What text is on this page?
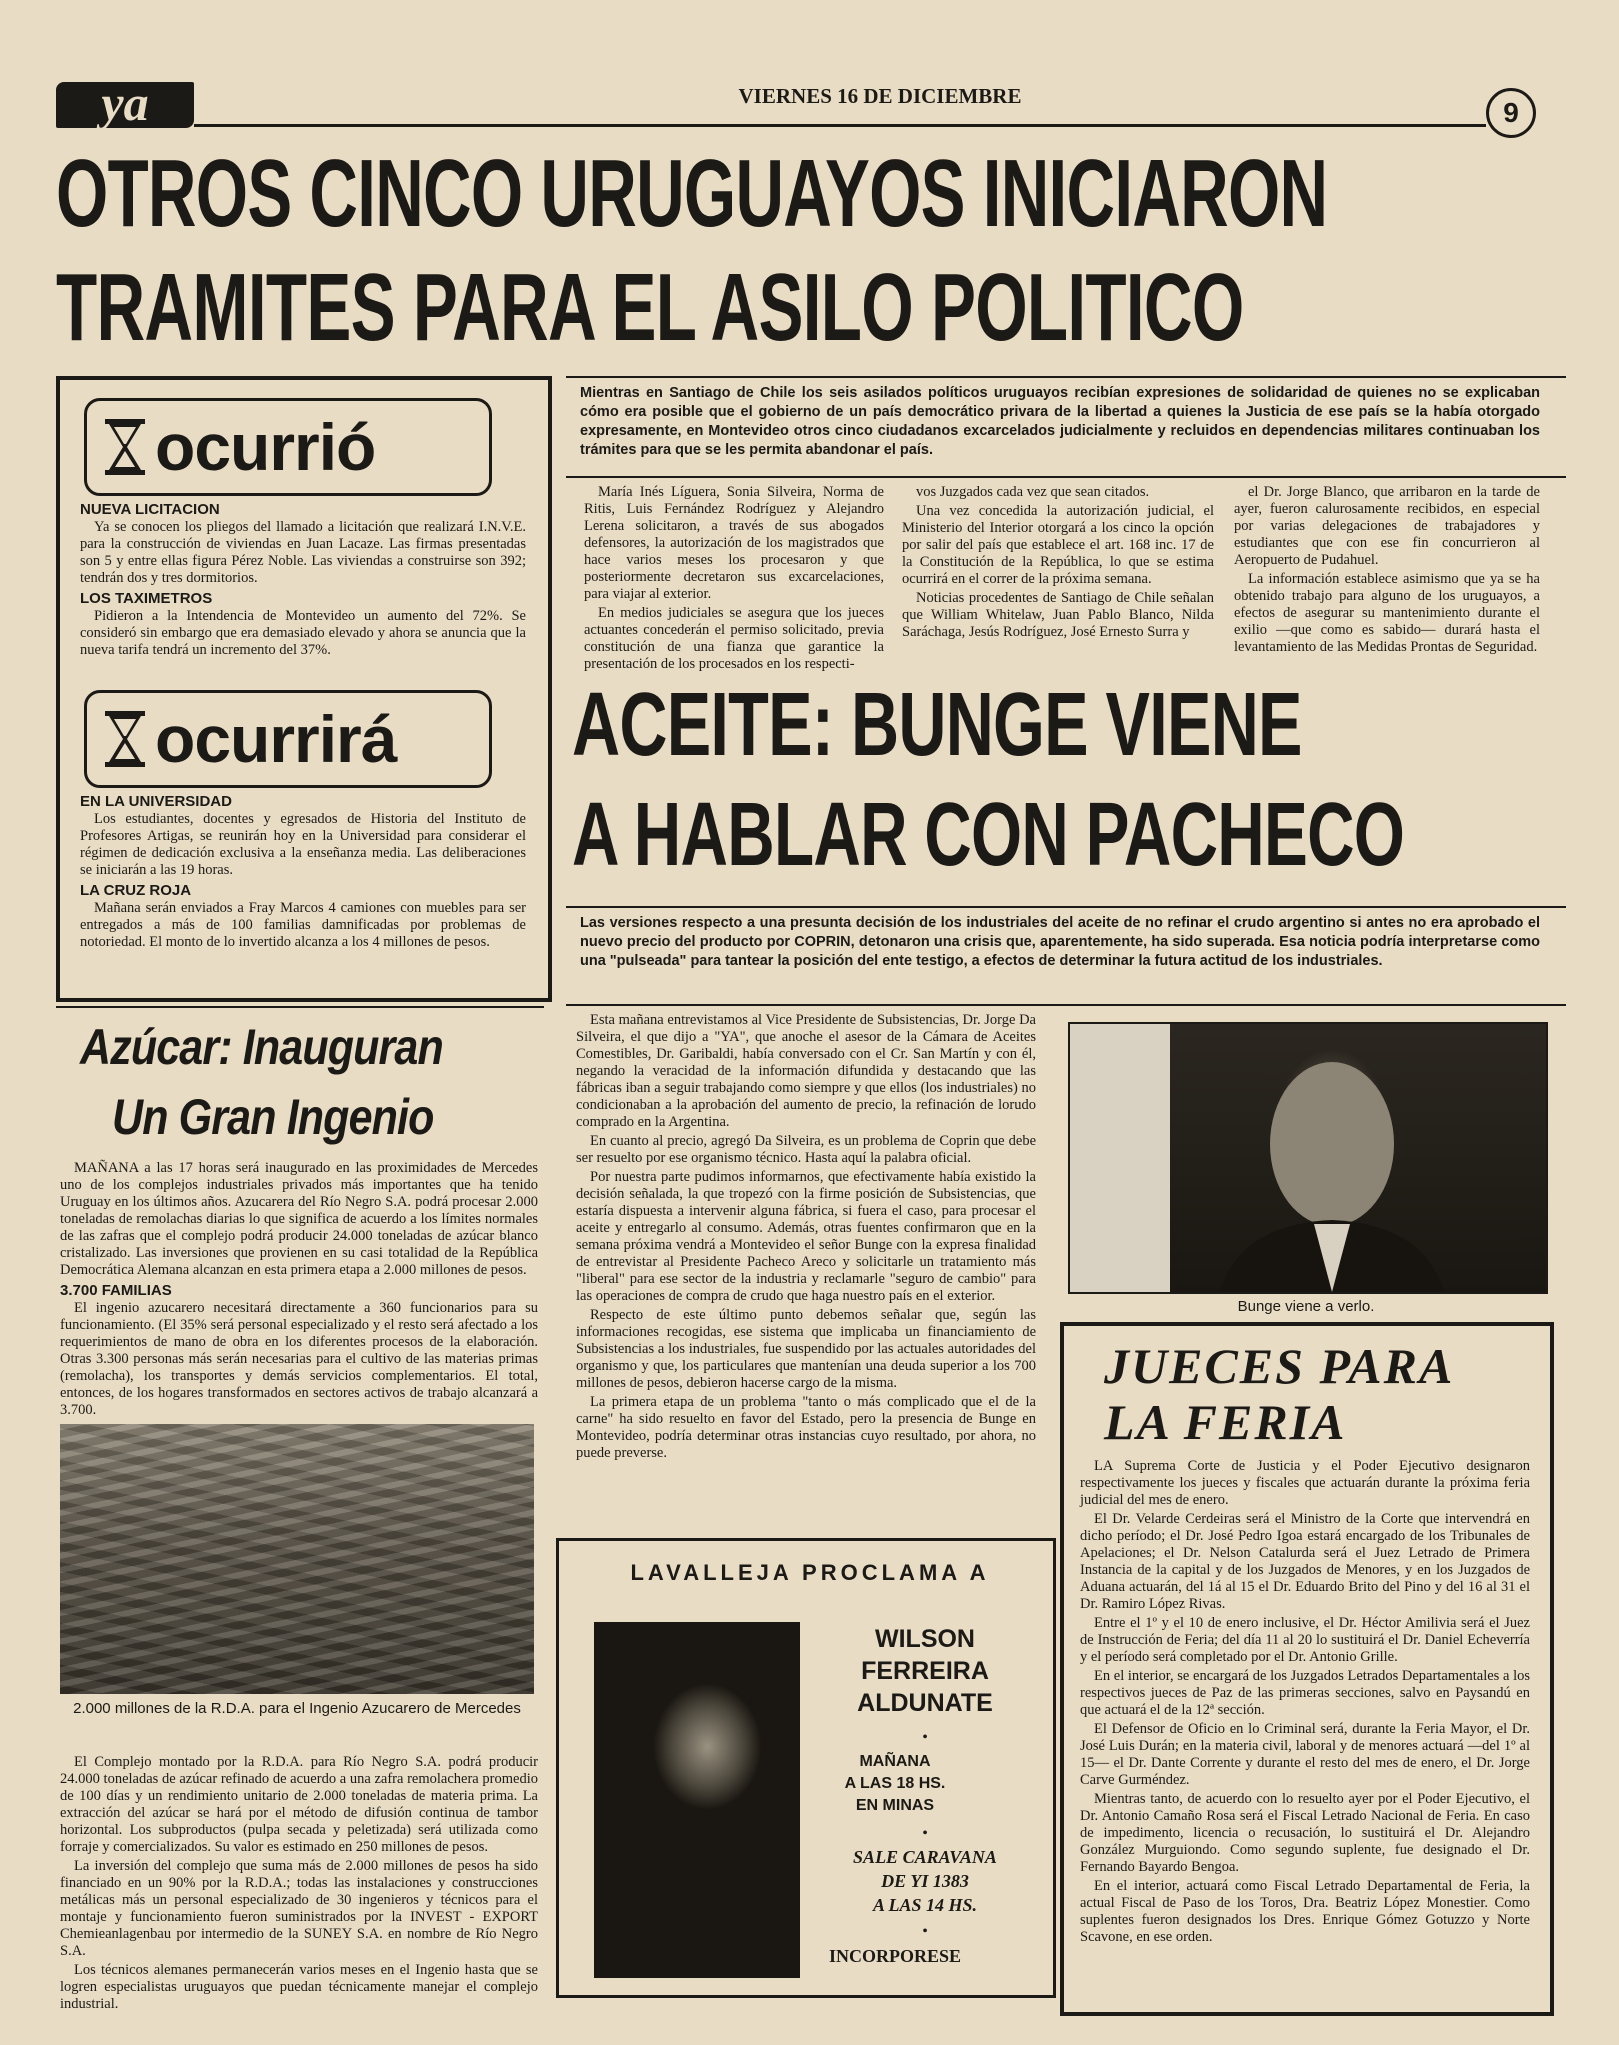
ya	VIERNES 16 DE DICIEMBRE
9
OTROS CINCO URUGUAYOS INICIARON
TRAMITES PARA EL ASILO POLITICO
ocurrió
NUEVA LICITACION

Ya se conocen los pliegos del llamado a licitación que realizará I.N.V.E. para la construcción de viviendas en Juan Lacaze. Las firmas presentadas son 5 y entre ellas figura Pérez Noble. Las viviendas a construirse son 392; tendrán dos y tres dormitorios.

LOS TAXIMETROS

Pidieron a la Intendencia de Montevideo un aumento del 72%. Se consideró sin embargo que era demasiado elevado y ahora se anuncia que la nueva tarifa tendrá un incremento del 37%.

ocurrirá
EN LA UNIVERSIDAD

Los estudiantes, docentes y egresados de Historia del Instituto de Profesores Artigas, se reunirán hoy en la Universidad para considerar el régimen de dedicación exclusiva a la enseñanza media. Las deliberaciones se iniciarán a las 19 horas.

LA CRUZ ROJA

Mañana serán enviados a Fray Marcos 4 camiones con muebles para ser entregados a más de 100 familias damnificadas por problemas de notoriedad. El monto de lo invertido alcanza a los 4 millones de pesos.

Mientras en Santiago de Chile los seis asilados políticos uruguayos recibían expresiones de solidaridad de quienes no se explicaban cómo era posible que el gobierno de un país democrático privara de la libertad a quienes la Justicia de ese país se la había otorgado expresamente, en Montevideo otros cinco ciudadanos excarcelados judicialmente y recluidos en dependencias militares continuaban los trámites para que se les permita abandonar el país.

María Inés Líguera, Sonia Silveira, Norma de Ritis, Luis Fernández Rodríguez y Alejandro Lerena solicitaron, a través de sus abogados defensores, la autorización de los magistrados que hace varios meses los procesaron y que posteriormente decretaron sus excarcelaciones, para viajar al exterior.

En medios judiciales se asegura que los jueces actuantes concederán el permiso solicitado, previa constitución de una fianza que garantice la presentación de los procesados en los respecti-

vos Juzgados cada vez que sean citados.

Una vez concedida la autorización judicial, el Ministerio del Interior otorgará a los cinco la opción por salir del país que establece el art. 168 inc. 17 de la Constitución de la República, lo que se estima ocurrirá en el correr de la próxima semana.

Noticias procedentes de Santiago de Chile señalan que William Whitelaw, Juan Pablo Blanco, Nilda Saráchaga, Jesús Rodríguez, José Ernesto Surra y

el Dr. Jorge Blanco, que arribaron en la tarde de ayer, fueron calurosamente recibidos, en especial por varias delegaciones de trabajadores y estudiantes que con ese fin concurrieron al Aeropuerto de Pudahuel.

La información establece asimismo que ya se ha obtenido trabajo para alguno de los uruguayos, a efectos de asegurar su mantenimiento durante el exilio —que como es sabido— durará hasta el levantamiento de las Medidas Prontas de Seguridad.

ACEITE: BUNGE VIENE
A HABLAR CON PACHECO
Las versiones respecto a una presunta decisión de los industriales del aceite de no refinar el crudo argentino si antes no era aprobado el nuevo precio del producto por COPRIN, detonaron una crisis que, aparentemente, ha sido superada. Esa noticia podría interpretarse como una "pulseada" para tantear la posición del ente testigo, a efectos de determinar la futura actitud de los industriales.

Esta mañana entrevistamos al Vice Presidente de Subsistencias, Dr. Jorge Da Silveira, el que dijo a "YA", que anoche el asesor de la Cámara de Aceites Comestibles, Dr. Garibaldi, había conversado con el Cr. San Martín y con él, negando la veracidad de la información difundida y destacando que las fábricas iban a seguir trabajando como siempre y que ellos (los industriales) no condicionaban a la aprobación del aumento de precio, la refinación de lorudo comprado en la Argentina.

En cuanto al precio, agregó Da Silveira, es un problema de Coprin que debe ser resuelto por ese organismo técnico. Hasta aquí la palabra oficial.

Por nuestra parte pudimos informarnos, que efectivamente había existido la decisión señalada, la que tropezó con la firme posición de Subsistencias, que estaría dispuesta a intervenir alguna fábrica, si fuera el caso, para procesar el aceite y entregarlo al consumo. Además, otras fuentes confirmaron que en la semana próxima vendrá a Montevideo el señor Bunge con la expresa finalidad de entrevistar al Presidente Pacheco Areco y solicitarle un tratamiento más "liberal" para ese sector de la industria y reclamarle "seguro de cambio" para las operaciones de compra de crudo que haga nuestro país en el exterior.

Respecto de este último punto debemos señalar que, según las informaciones recogidas, ese sistema que implicaba un financiamiento de Subsistencias a los industriales, fue suspendido por las actuales autoridades del organismo y que, los particulares que mantenían una deuda superior a los 700 millones de pesos, debieron hacerse cargo de la misma.

La primera etapa de un problema "tanto o más complicado que el de la carne" ha sido resuelto en favor del Estado, pero la presencia de Bunge en Montevideo, podría determinar otras instancias cuyo resultado, por ahora, no puede preverse.

Bunge viene a verlo.
Azúcar: Inauguran
Un Gran Ingenio

MAÑANA a las 17 horas será inaugurado en las proximidades de Mercedes uno de los complejos industriales privados más importantes que ha tenido Uruguay en los últimos años. Azucarera del Río Negro S.A. podrá procesar 2.000 toneladas de remolachas diarias lo que significa de acuerdo a los límites normales de las zafras que el complejo podrá producir 24.000 toneladas de azúcar blanco cristalizado. Las inversiones que provienen en su casi totalidad de la República Democrática Alemana alcanzan en esta primera etapa a 2.000 millones de pesos.

3.700 FAMILIAS

El ingenio azucarero necesitará directamente a 360 funcionarios para su funcionamiento. (El 35% será personal especializado y el resto será afectado a los requerimientos de mano de obra en los diferentes procesos de la elaboración. Otras 3.300 personas más serán necesarias para el cultivo de las materias primas (remolacha), los transportes y demás servicios complementarios. El total, entonces, de los hogares transformados en sectores activos de trabajo alcanzará a 3.700.

2.000 millones de la R.D.A. para el Ingenio Azucarero de Mercedes

El Complejo montado por la R.D.A. para Río Negro S.A. podrá producir 24.000 toneladas de azúcar refinado de acuerdo a una zafra remolachera promedio de 100 días y un rendimiento unitario de 2.000 toneladas de materia prima. La extracción del azúcar se hará por el método de difusión continua de tambor horizontal. Los subproductos (pulpa secada y peletizada) será utilizada como forraje y comercializados. Su valor es estimado en 250 millones de pesos.

La inversión del complejo que suma más de 2.000 millones de pesos ha sido financiado en un 90% por la R.D.A.; todas las instalaciones y construcciones metálicas más un personal especializado de 30 ingenieros y técnicos para el montaje y funcionamiento fueron suministrados por la INVEST - EXPORT Chemieanlagenbau por intermedio de la SUNEY S.A. en nombre de Río Negro S.A.

Los técnicos alemanes permanecerán varios meses en el Ingenio hasta que se logren especialistas uruguayos que puedan técnicamente manejar el complejo industrial.

LAVALLEJA PROCLAMA A
WILSON
FERREIRA
ALDUNATE
•
MAÑANA
A LAS 18 HS.
EN MINAS
•
SALE CARAVANA
DE YI 1383
A LAS 14 HS.
•
INCORPORESE
JUECES PARA
LA FERIA

LA Suprema Corte de Justicia y el Poder Ejecutivo designaron respectivamente los jueces y fiscales que actuarán durante la próxima feria judicial del mes de enero.

El Dr. Velarde Cerdeiras será el Ministro de la Corte que intervendrá en dicho período; el Dr. José Pedro Igoa estará encargado de los Tribunales de Apelaciones; el Dr. Nelson Catalurda será el Juez Letrado de Primera Instancia de la capital y de los Juzgados de Menores, y en los Juzgados de Aduana actuarán, del 1á al 15 el Dr. Eduardo Brito del Pino y del 16 al 31 el Dr. Ramiro López Rivas.

Entre el 1º y el 10 de enero inclusive, el Dr. Héctor Amilivia será el Juez de Instrucción de Feria; del día 11 al 20 lo sustituirá el Dr. Daniel Echeverría y el período será completado por el Dr. Antonio Grille.

En el interior, se encargará de los Juzgados Letrados Departamentales a los respectivos jueces de Paz de las primeras secciones, salvo en Paysandú en que actuará el de la 12ª sección.

El Defensor de Oficio en lo Criminal será, durante la Feria Mayor, el Dr. José Luis Durán; en la materia civil, laboral y de menores actuará —del 1º al 15— el Dr. Dante Corrente y durante el resto del mes de enero, el Dr. Jorge Carve Gurméndez.

Mientras tanto, de acuerdo con lo resuelto ayer por el Poder Ejecutivo, el Dr. Antonio Camaño Rosa será el Fiscal Letrado Nacional de Feria. En caso de impedimento, licencia o recusación, lo sustituirá el Dr. Alejandro González Murguiondo. Como segundo suplente, fue designado el Dr. Fernando Bayardo Bengoa.

En el interior, actuará como Fiscal Letrado Departamental de Feria, la actual Fiscal de Paso de los Toros, Dra. Beatriz López Monestier. Como suplentes fueron designados los Dres. Enrique Gómez Gotuzzo y Norte Scavone, en ese orden.
